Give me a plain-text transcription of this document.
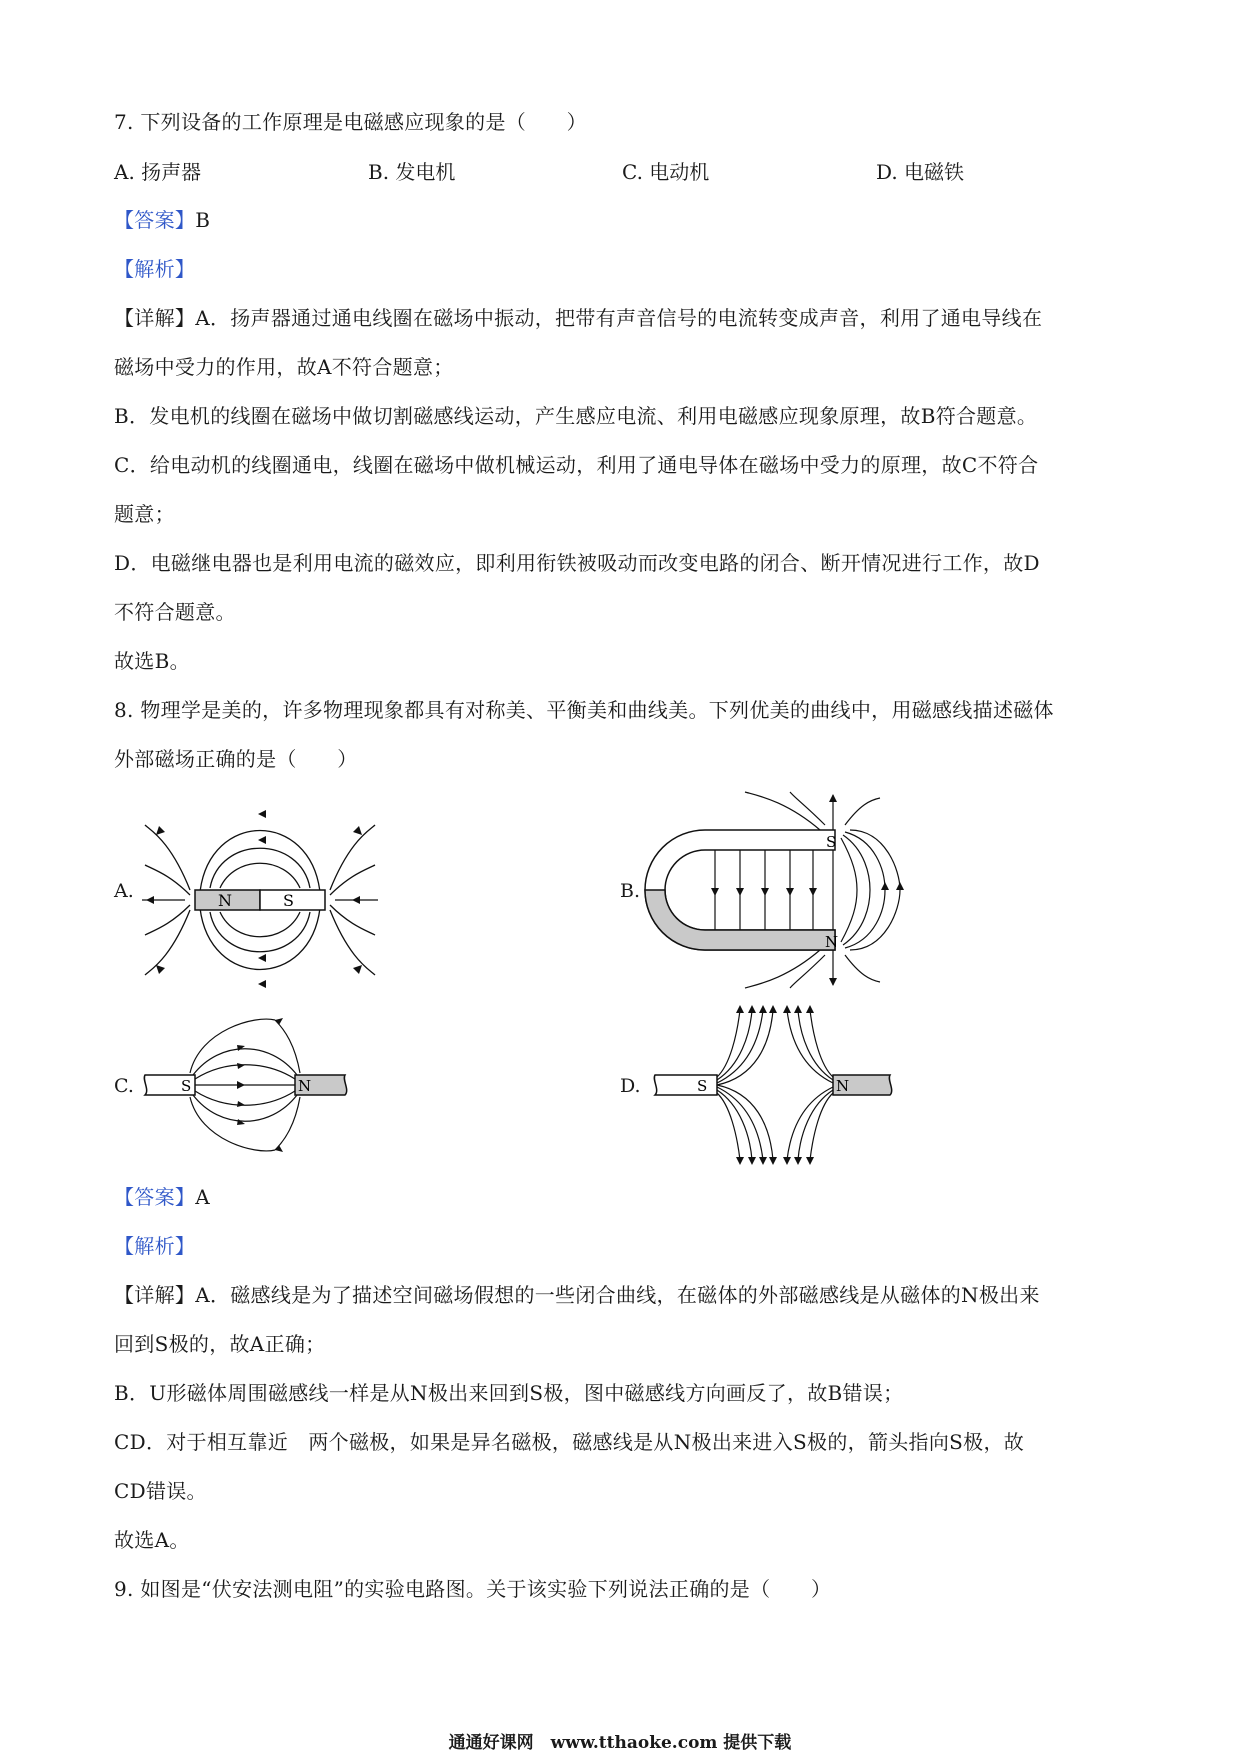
7. 下列设备的工作原理是电磁感应现象的是（　　）
A. 扬声器	B. 发电机	C. 电动机	D. 电磁铁
【答案】B
【解析】
【详解】A．扬声器通过通电线圈在磁场中振动，把带有声音信号的电流转变成声音，利用了通电导线在
磁场中受力的作用，故A不符合题意；
B．发电机的线圈在磁场中做切割磁感线运动，产生感应电流、利用电磁感应现象原理，故B符合题意。
C．给电动机的线圈通电，线圈在磁场中做机械运动，利用了通电导体在磁场中受力的原理，故C不符合
题意；
D．电磁继电器也是利用电流的磁效应，即利用衔铁被吸动而改变电路的闭合、断开情况进行工作，故D
不符合题意。
故选B。
8. 物理学是美的，许多物理现象都具有对称美、平衡美和曲线美。下列优美的曲线中，用磁感线描述磁体
外部磁场正确的是（　　）
A.	N	S	B.
S
N
C.	S	N	D.	S	N
【答案】A
【解析】
【详解】A．磁感线是为了描述空间磁场假想的一些闭合曲线，在磁体的外部磁感线是从磁体的N极出来
回到S极的，故A正确；
B．U形磁体周围磁感线一样是从N极出来回到S极，图中磁感线方向画反了，故B错误；
CD．对于相互靠近　两个磁极，如果是异名磁极，磁感线是从N极出来进入S极的，箭头指向S极，故
CD错误。
故选A。
9. 如图是“伏安法测电阻”的实验电路图。关于该实验下列说法正确的是（　　）
通通好课网　www.tthaoke.com 提供下载
